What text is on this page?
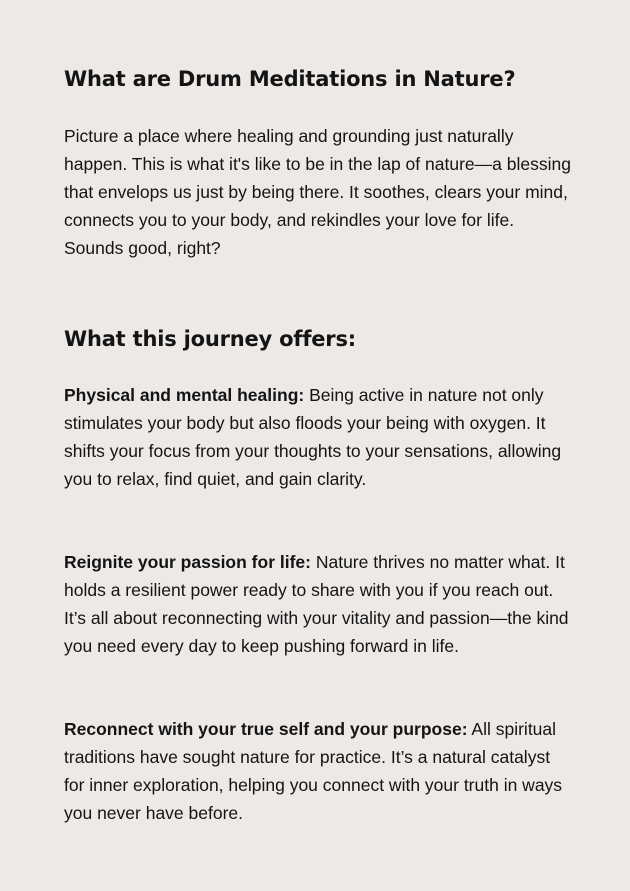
What are Drum Meditations in Nature?

Picture a place where healing and grounding just naturally happen. This is what it's like to be in the lap of nature—a blessing that envelops us just by being there. It soothes, clears your mind, connects you to your body, and rekindles your love for life. Sounds good, right?

What this journey offers:

Physical and mental healing: Being active in nature not only stimulates your body but also floods your being with oxygen. It shifts your focus from your thoughts to your sensations, allowing you to relax, find quiet, and gain clarity.

Reignite your passion for life: Nature thrives no matter what. It holds a resilient power ready to share with you if you reach out. It’s all about reconnecting with your vitality and passion—the kind you need every day to keep pushing forward in life.

Reconnect with your true self and your purpose: All spiritual traditions have sought nature for practice. It’s a natural catalyst for inner exploration, helping you connect with your truth in ways you never have before.
